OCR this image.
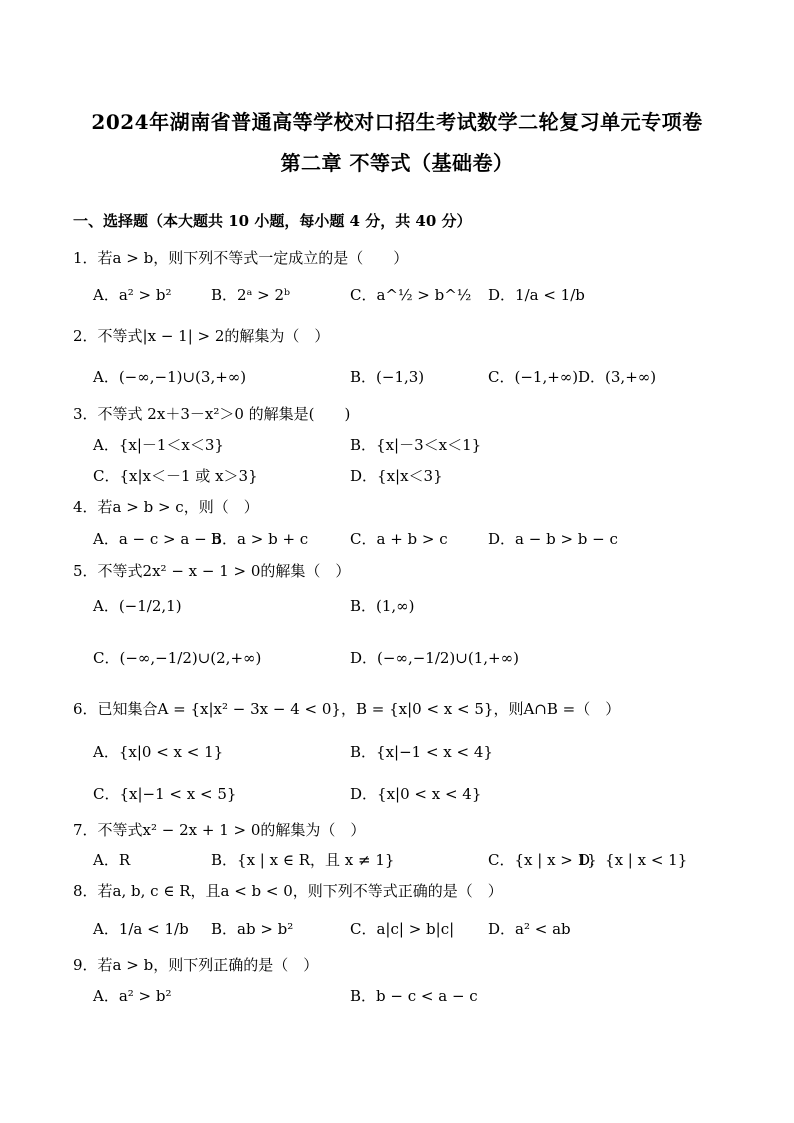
2024年湖南省普通高等学校对口招生考试数学二轮复习单元专项卷
第二章 不等式（基础卷）
一、选择题（本大题共 10 小题，每小题 4 分，共 40 分）
1．若a > b，则下列不等式一定成立的是（　　）
A．a² > b²	B．2ᵃ > 2ᵇ	C．a^½ > b^½ D．1/a < 1/b
2．不等式|x − 1| > 2的解集为（　）
A．(−∞,−1)∪(3,+∞)	B．(−1,3)	C．(−1,+∞) D．(3,+∞)
3．不等式 2x＋3－x²＞0 的解集是(　　)
A．{x|－1＜x＜3}	B．{x|－3＜x＜1}
C．{x|x＜－1 或 x＞3}	D．{x|x＜3}
4．若a > b > c，则（　）
A．a − c > a − b
B．a > b + c	C．a + b > c	D．a − b > b − c
5．不等式2x² − x − 1 > 0的解集（　）
A．(−1/2,1)	B．(1,∞)
C．(−∞,−1/2)∪(2,+∞)	D．(−∞,−1/2)∪(1,+∞)
6．已知集合A = {x|x² − 3x − 4 < 0}，B = {x|0 < x < 5}，则A∩B =（　）
A．{x|0 < x < 1}	B．{x|−1 < x < 4}
C．{x|−1 < x < 5}	D．{x|0 < x < 4}
7．不等式x² − 2x + 1 > 0的解集为（　）
A．R	B．{x | x ∈ R，且 x ≠ 1}	C．{x | x > 1}
D．{x | x < 1}
8．若a, b, c ∈ R，且a < b < 0，则下列不等式正确的是（　）
A．1/a < 1/b B．ab > b²	C．a|c| > b|c| D．a² < ab
9．若a > b，则下列正确的是（　）
A．a² > b²	B．b − c < a − c
